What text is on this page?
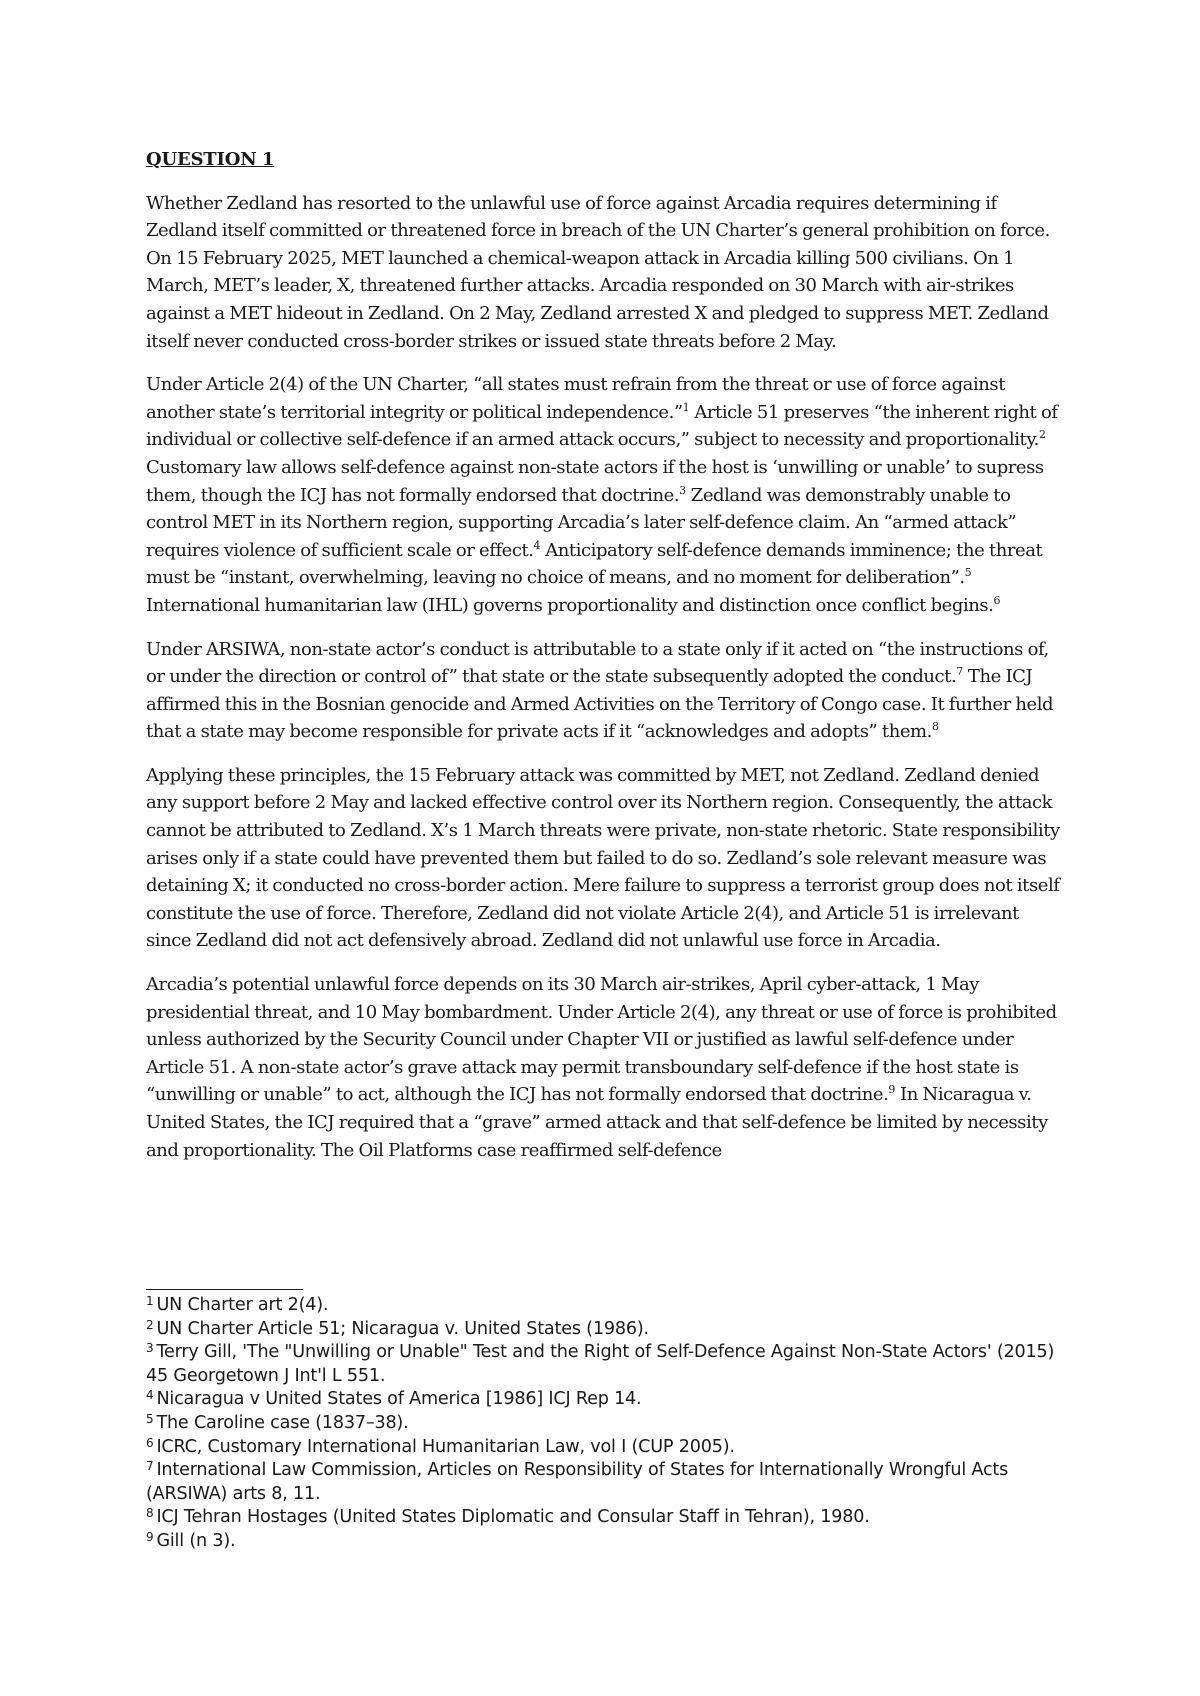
QUESTION 1

Whether Zedland has resorted to the unlawful use of force against Arcadia requires determining if Zedland itself committed or threatened force in breach of the UN Charter’s general prohibition on force. On 15 February 2025, MET launched a chemical-weapon attack in Arcadia killing 500 civilians. On 1 March, MET’s leader, X, threatened further attacks. Arcadia responded on 30 March with air-strikes against a MET hideout in Zedland. On 2 May, Zedland arrested X and pledged to suppress MET. Zedland itself never conducted cross-border strikes or issued state threats before 2 May.

Under Article 2(4) of the UN Charter, “all states must refrain from the threat or use of force against another state’s territorial integrity or political independence.”$^1$ Article 51 preserves “the inherent right of individual or collective self-defence if an armed attack occurs,” subject to necessity and proportionality.$^2$ Customary law allows self-defence against non-state actors if the host is ‘unwilling or unable’ to supress them, though the ICJ has not formally endorsed that doctrine.$^3$ Zedland was demonstrably unable to control MET in its Northern region, supporting Arcadia’s later self-defence claim. An “armed attack” requires violence of sufficient scale or effect.$^4$ Anticipatory self-defence demands imminence; the threat must be “instant, overwhelming, leaving no choice of means, and no moment for deliberation”.$^5$ International humanitarian law (IHL) governs proportionality and distinction once conflict begins.$^6$

Under ARSIWA, non-state actor’s conduct is attributable to a state only if it acted on “the instructions of, or under the direction or control of” that state or the state subsequently adopted the conduct.$^7$ The ICJ affirmed this in the Bosnian genocide and Armed Activities on the Territory of Congo case. It further held that a state may become responsible for private acts if it “acknowledges and adopts” them.$^8$

Applying these principles, the 15 February attack was committed by MET, not Zedland. Zedland denied any support before 2 May and lacked effective control over its Northern region. Consequently, the attack cannot be attributed to Zedland. X’s 1 March threats were private, non-state rhetoric. State responsibility arises only if a state could have prevented them but failed to do so. Zedland’s sole relevant measure was detaining X; it conducted no cross-border action. Mere failure to suppress a terrorist group does not itself constitute the use of force. Therefore, Zedland did not violate Article 2(4), and Article 51 is irrelevant since Zedland did not act defensively abroad. Zedland did not unlawful use force in Arcadia.

Arcadia’s potential unlawful force depends on its 30 March air-strikes, April cyber-attack, 1 May presidential threat, and 10 May bombardment. Under Article 2(4), any threat or use of force is prohibited unless authorized by the Security Council under Chapter VII or justified as lawful self-defence under Article 51. A non-state actor’s grave attack may permit transboundary self-defence if the host state is “unwilling or unable” to act, although the ICJ has not formally endorsed that doctrine.$^9$ In Nicaragua v. United States, the ICJ required that a “grave” armed attack and that self-defence be limited by necessity and proportionality. The Oil Platforms case reaffirmed self-defence

$^1$ UN Charter art 2(4).

$^2$ UN Charter Article 51; Nicaragua v. United States (1986).

$^3$ Terry Gill, 'The "Unwilling or Unable" Test and the Right of Self-Defence Against Non-State Actors' (2015) 45 Georgetown J Int'l L 551.

$^4$ Nicaragua v United States of America [1986] ICJ Rep 14.

$^5$ The Caroline case (1837–38).

$^6$ ICRC, Customary International Humanitarian Law, vol I (CUP 2005).

$^7$ International Law Commission, Articles on Responsibility of States for Internationally Wrongful Acts (ARSIWA) arts 8, 11.

$^8$ ICJ Tehran Hostages (United States Diplomatic and Consular Staff in Tehran), 1980.

$^9$ Gill (n 3).
